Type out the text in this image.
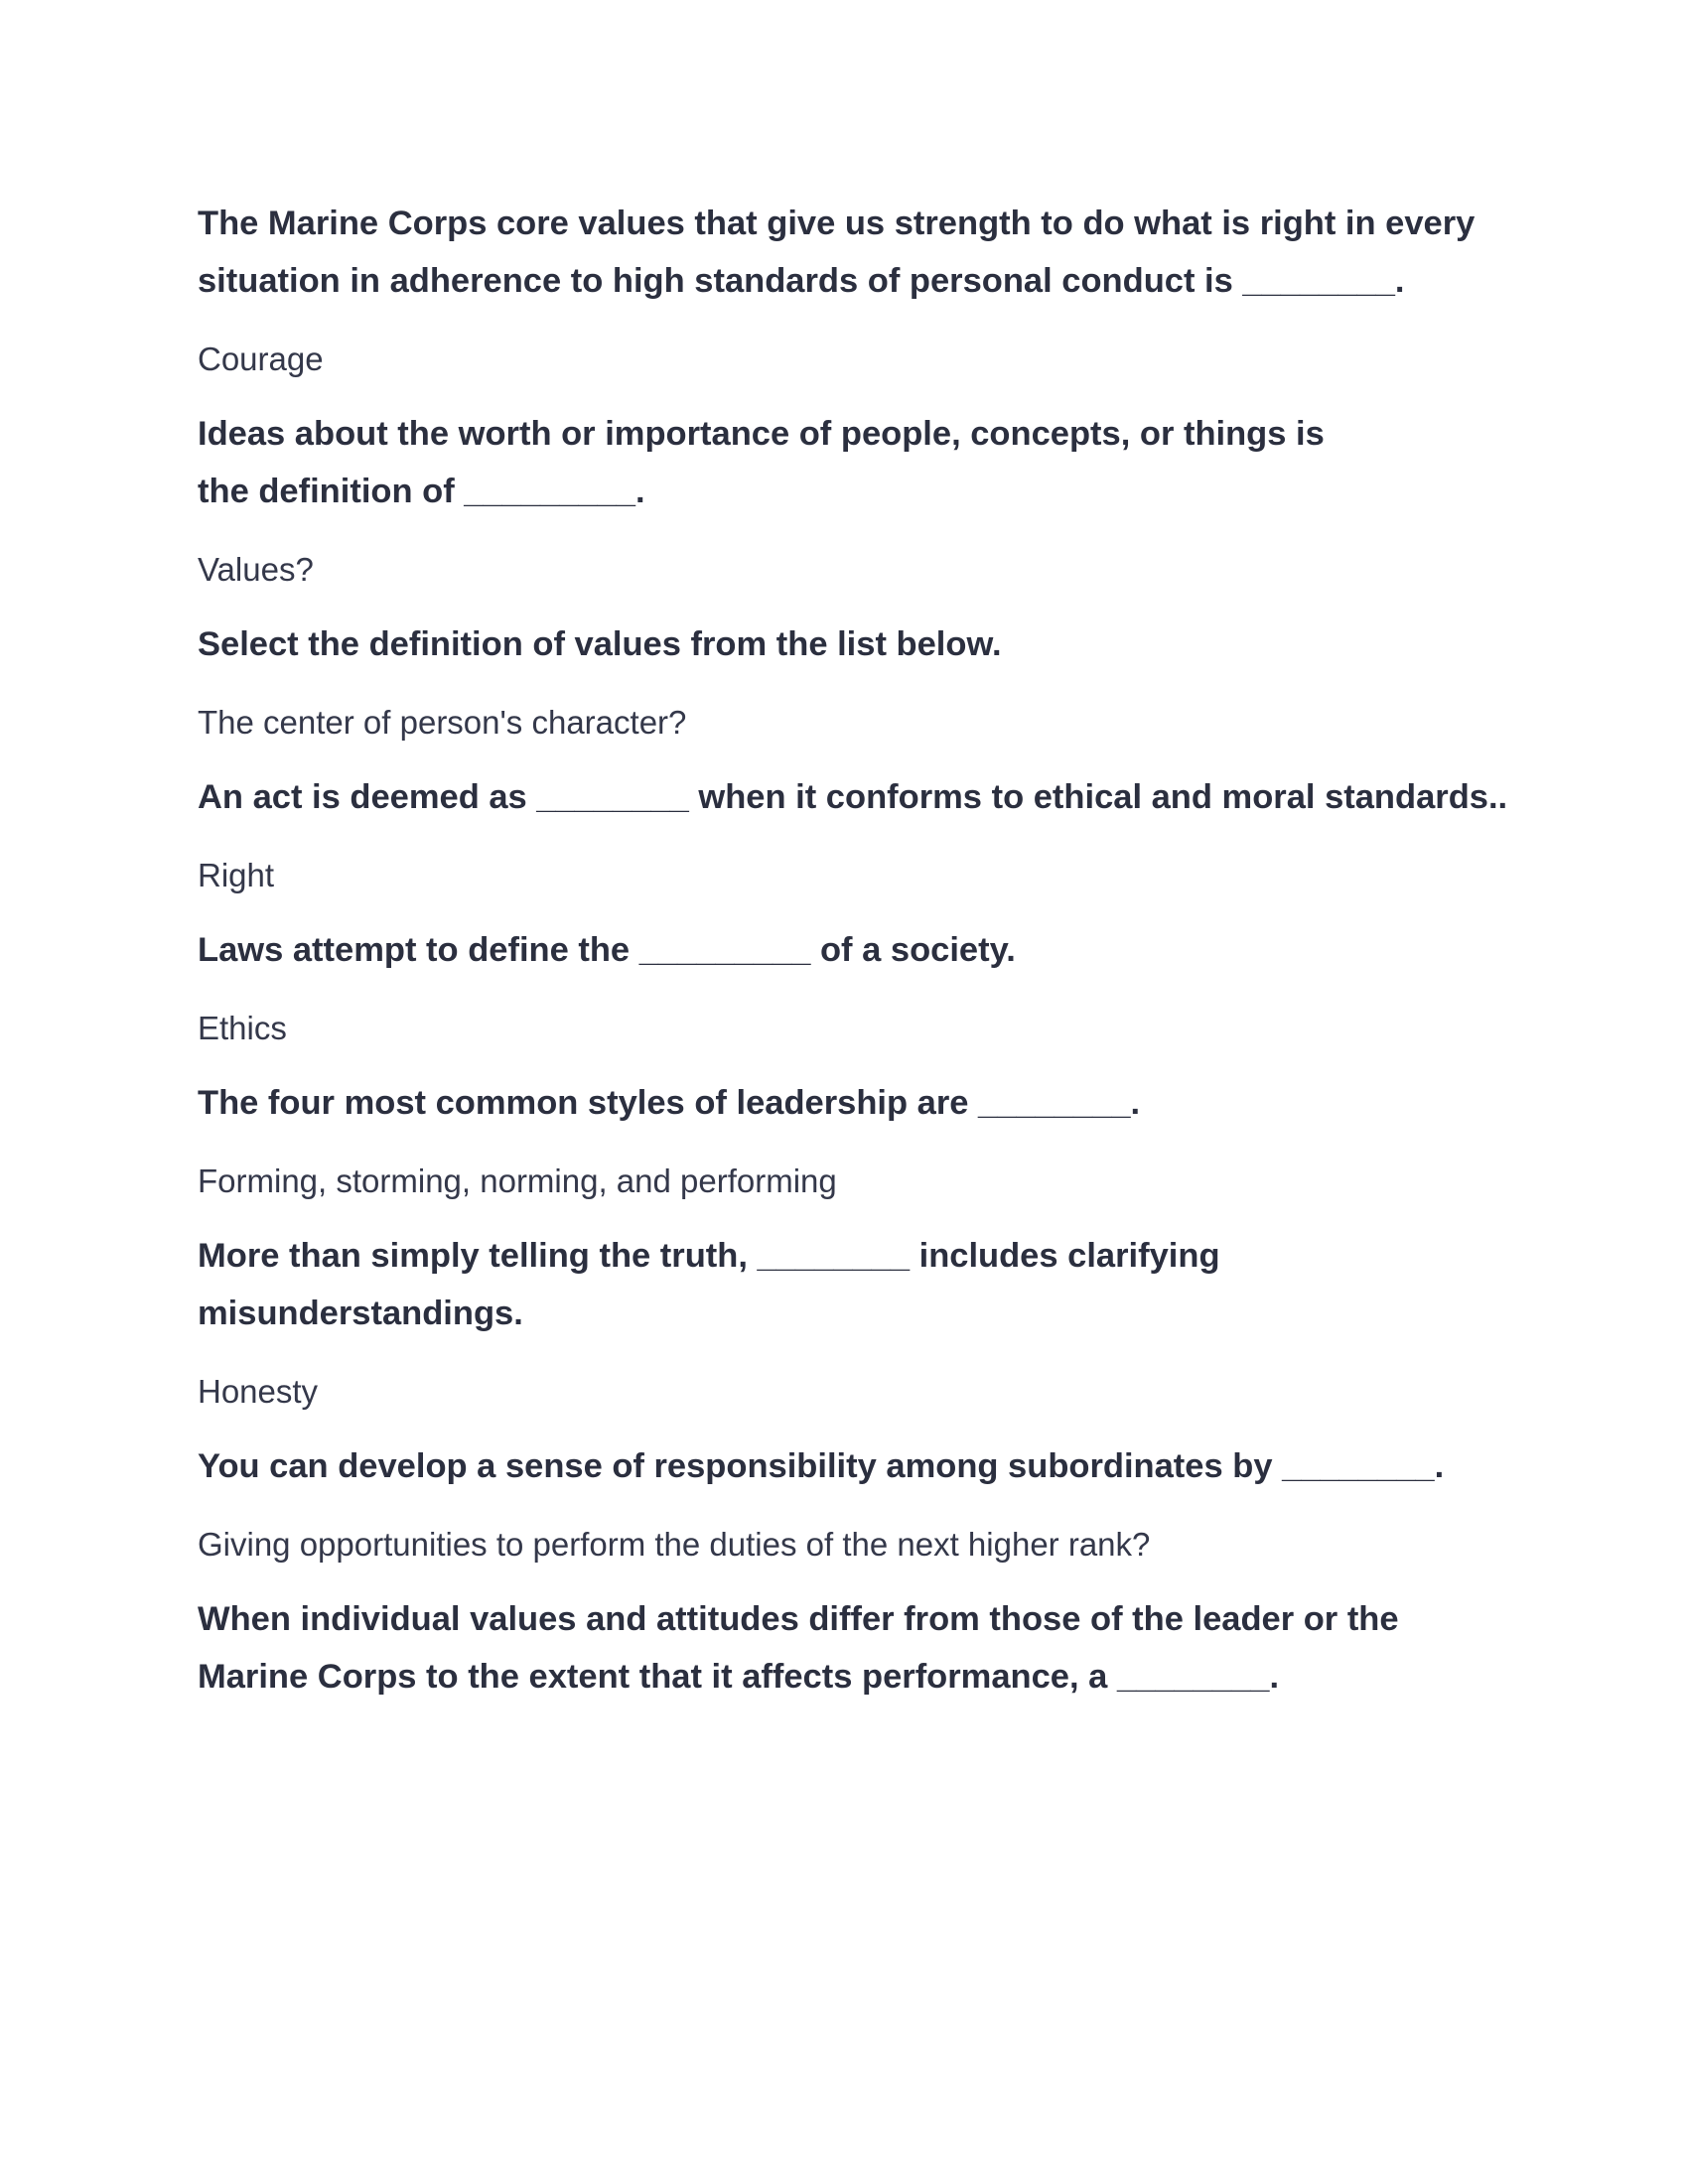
The Marine Corps core values that give us strength to do what is right in every situation in adherence to high standards of personal conduct is ________.

Courage

Ideas about the worth or importance of people, concepts, or things is the definition of _________.

Values?

Select the definition of values from the list below.

The center of person's character?

An act is deemed as ________ when it conforms to ethical and moral standards..

Right

Laws attempt to define the _________ of a society.

Ethics

The four most common styles of leadership are ________.

Forming, storming, norming, and performing

More than simply telling the truth, ________ includes clarifying misunderstandings.

Honesty

You can develop a sense of responsibility among subordinates by ________.

Giving opportunities to perform the duties of the next higher rank?

When individual values and attitudes differ from those of the leader or the Marine Corps to the extent that it affects performance, a ________.
